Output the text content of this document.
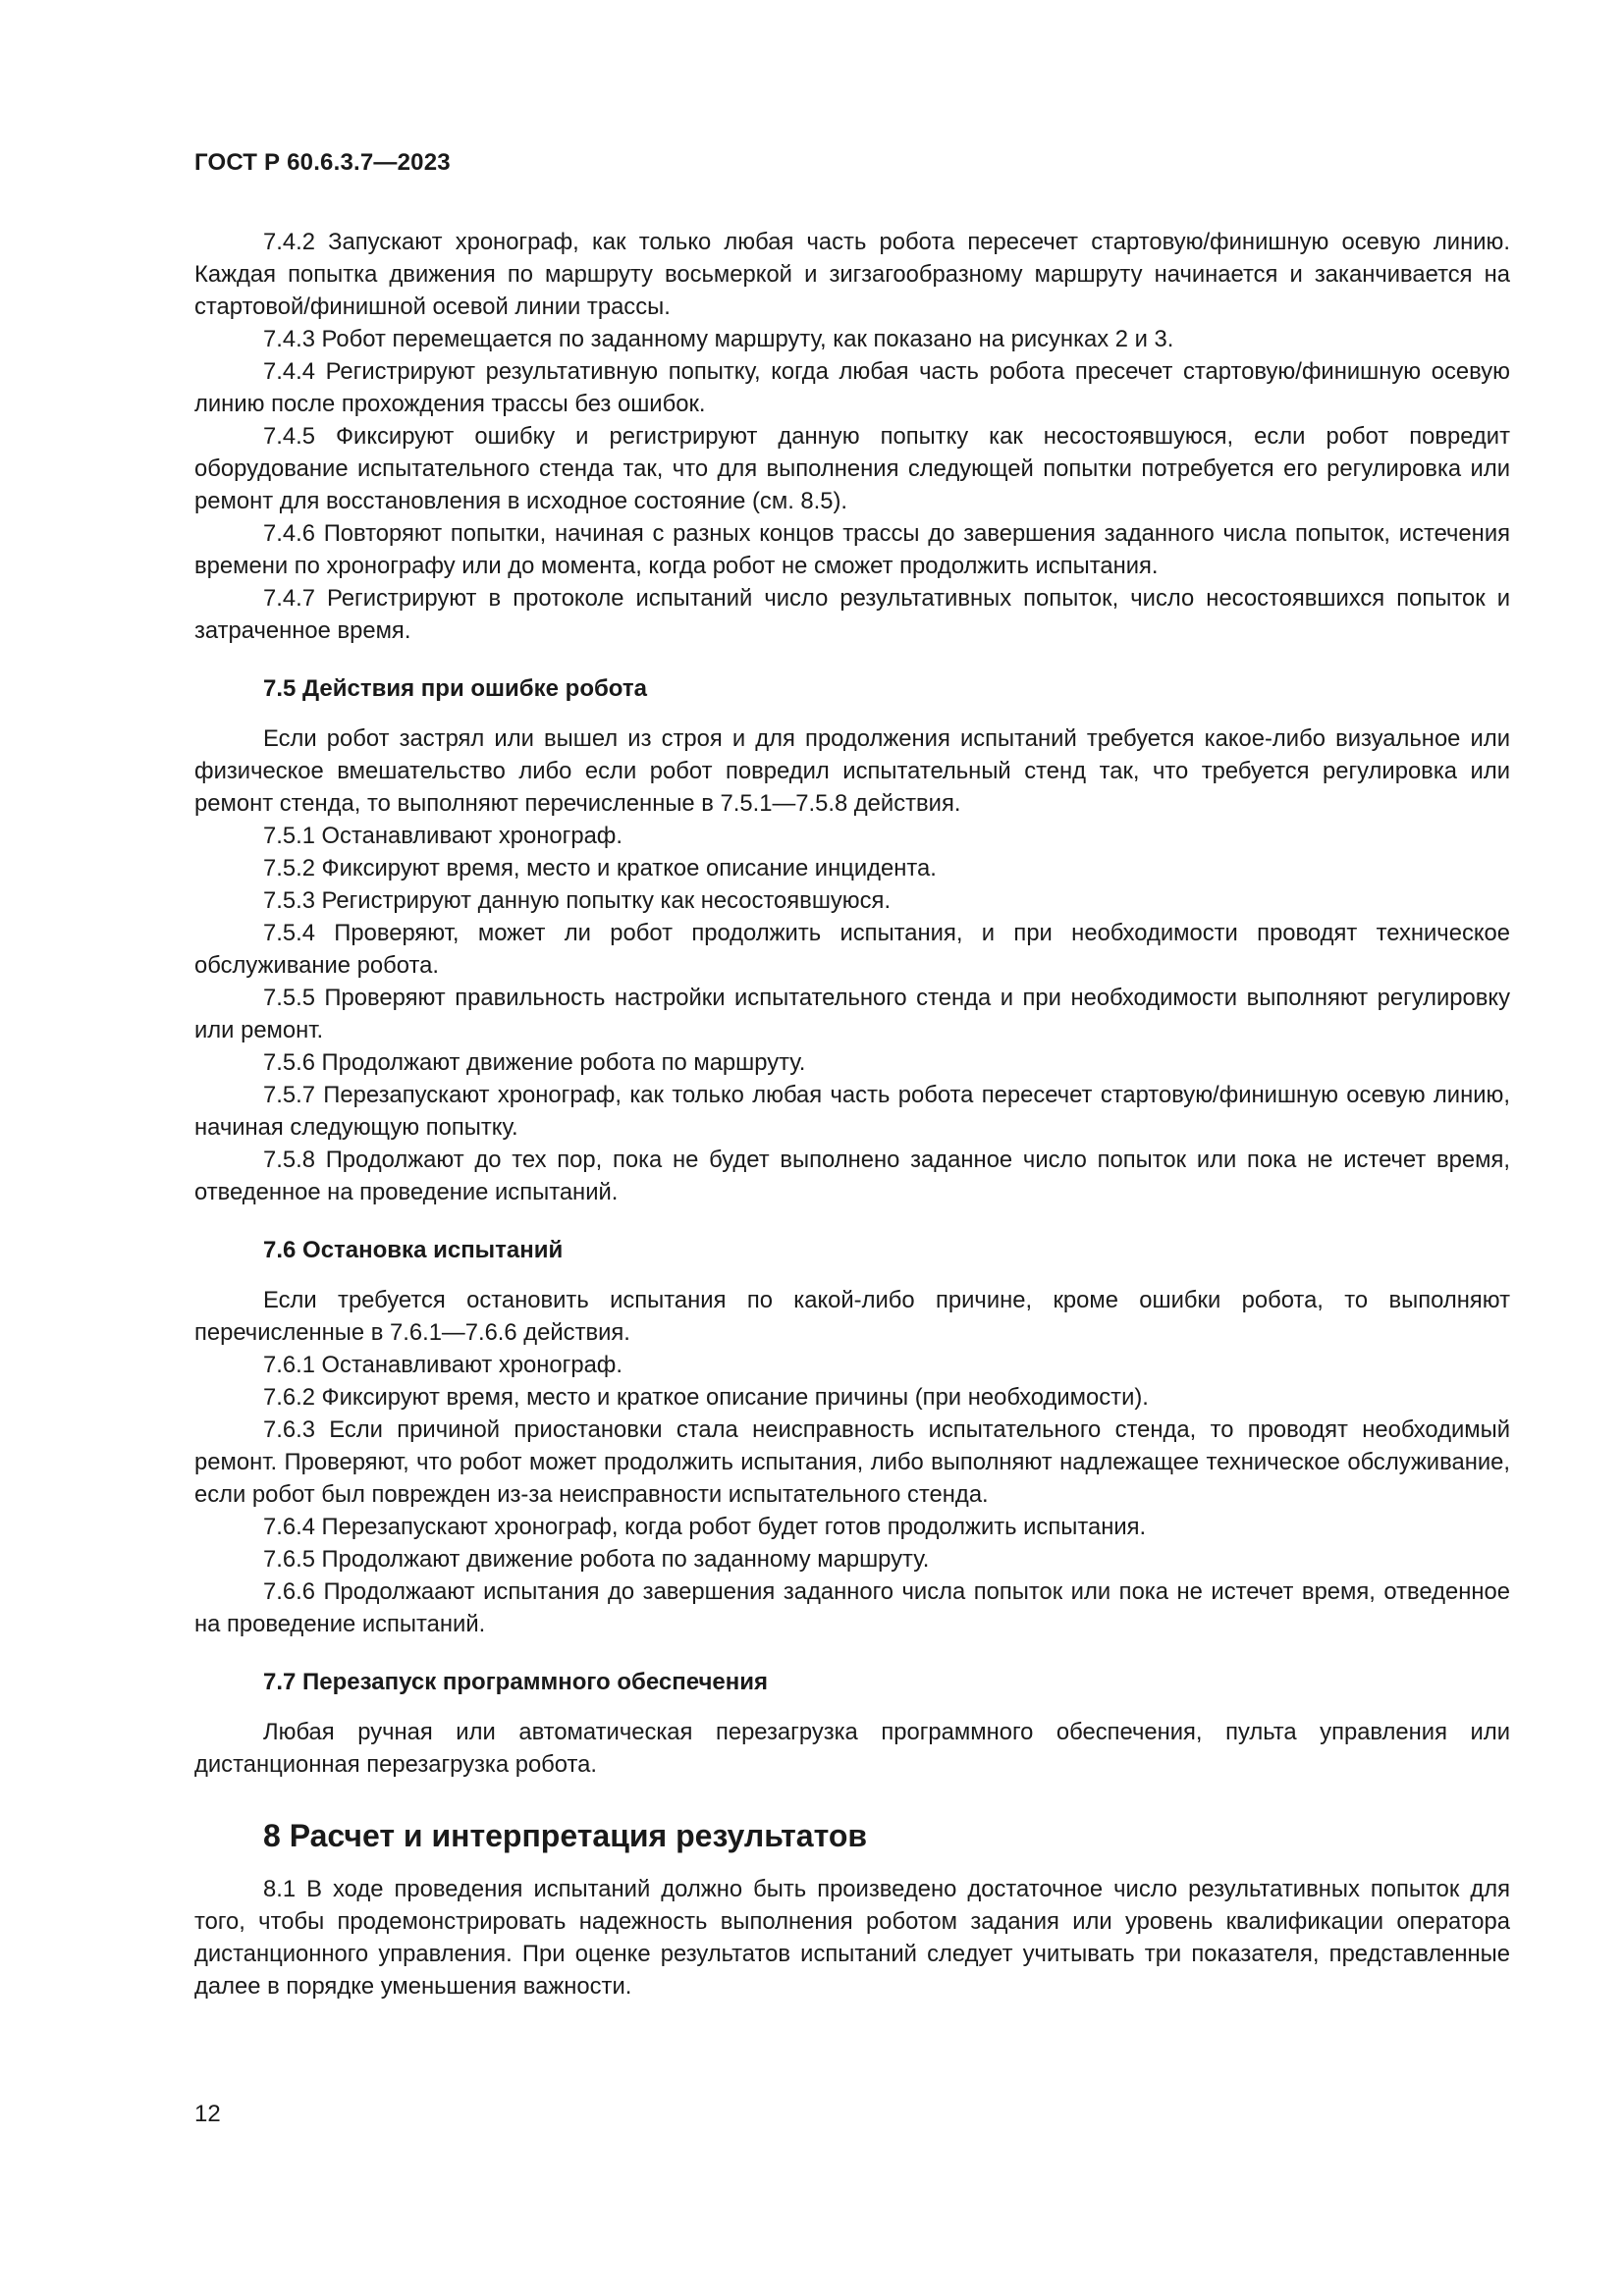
ГОСТ Р 60.6.3.7—2023

7.4.2 Запускают хронограф, как только любая часть робота пересечет стартовую/финишную осевую линию. Каждая попытка движения по маршруту восьмеркой и зигзагообразному маршруту начинается и заканчивается на стартовой/финишной осевой линии трассы.

7.4.3 Робот перемещается по заданному маршруту, как показано на рисунках 2 и 3.

7.4.4 Регистрируют результативную попытку, когда любая часть робота пресечет стартовую/финишную осевую линию после прохождения трассы без ошибок.

7.4.5 Фиксируют ошибку и регистрируют данную попытку как несостоявшуюся, если робот повредит оборудование испытательного стенда так, что для выполнения следующей попытки потребуется его регулировка или ремонт для восстановления в исходное состояние (см. 8.5).

7.4.6 Повторяют попытки, начиная с разных концов трассы до завершения заданного числа попыток, истечения времени по хронографу или до момента, когда робот не сможет продолжить испытания.

7.4.7 Регистрируют в протоколе испытаний число результативных попыток, число несостоявшихся попыток и затраченное время.

7.5 Действия при ошибке робота

Если робот застрял или вышел из строя и для продолжения испытаний требуется какое-либо визуальное или физическое вмешательство либо если робот повредил испытательный стенд так, что требуется регулировка или ремонт стенда, то выполняют перечисленные в 7.5.1—7.5.8 действия.

7.5.1 Останавливают хронограф.

7.5.2 Фиксируют время, место и краткое описание инцидента.

7.5.3 Регистрируют данную попытку как несостоявшуюся.

7.5.4 Проверяют, может ли робот продолжить испытания, и при необходимости проводят техническое обслуживание робота.

7.5.5 Проверяют правильность настройки испытательного стенда и при необходимости выполняют регулировку или ремонт.

7.5.6 Продолжают движение робота по маршруту.

7.5.7 Перезапускают хронограф, как только любая часть робота пересечет стартовую/финишную осевую линию, начиная следующую попытку.

7.5.8 Продолжают до тех пор, пока не будет выполнено заданное число попыток или пока не истечет время, отведенное на проведение испытаний.

7.6 Остановка испытаний

Если требуется остановить испытания по какой-либо причине, кроме ошибки робота, то выполняют перечисленные в 7.6.1—7.6.6 действия.

7.6.1 Останавливают хронограф.

7.6.2 Фиксируют время, место и краткое описание причины (при необходимости).

7.6.3 Если причиной приостановки стала неисправность испытательного стенда, то проводят необходимый ремонт. Проверяют, что робот может продолжить испытания, либо выполняют надлежащее техническое обслуживание, если робот был поврежден из-за неисправности испытательного стенда.

7.6.4 Перезапускают хронограф, когда робот будет готов продолжить испытания.

7.6.5 Продолжают движение робота по заданному маршруту.

7.6.6 Продолжаают испытания до завершения заданного числа попыток или пока не истечет время, отведенное на проведение испытаний.

7.7 Перезапуск программного обеспечения

Любая ручная или автоматическая перезагрузка программного обеспечения, пульта управления или дистанционная перезагрузка робота.

8 Расчет и интерпретация результатов

8.1 В ходе проведения испытаний должно быть произведено достаточное число результативных попыток для того, чтобы продемонстрировать надежность выполнения роботом задания или уровень квалификации оператора дистанционного управления. При оценке результатов испытаний следует учитывать три показателя, представленные далее в порядке уменьшения важности.

12
